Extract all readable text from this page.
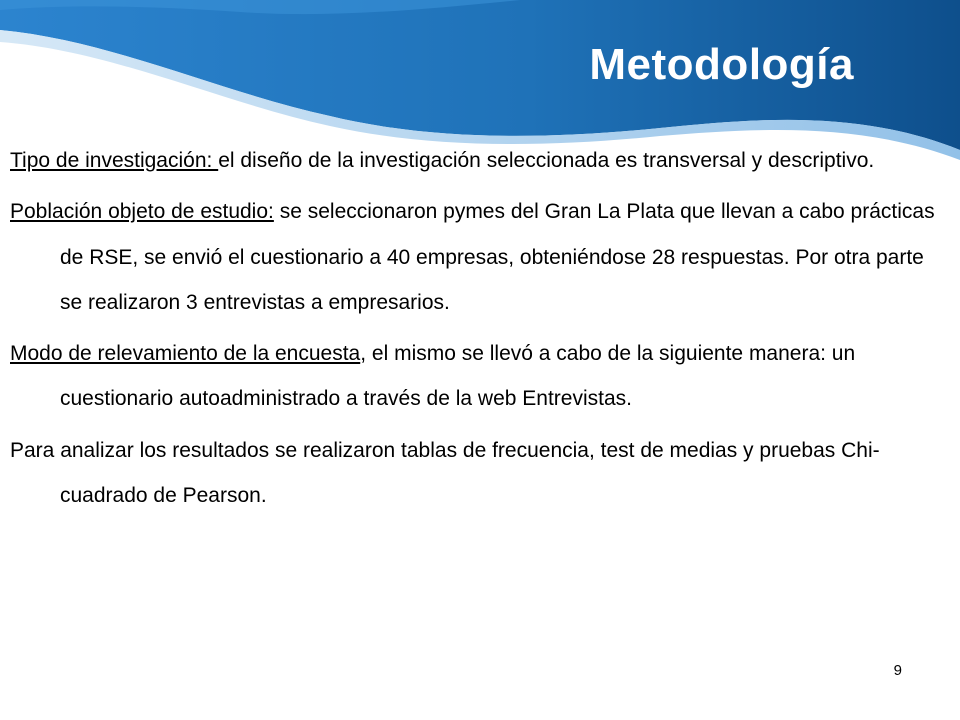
Metodología

Tipo de investigación: el diseño de la investigación seleccionada es transversal y descriptivo.

Población objeto de estudio: se seleccionaron pymes del Gran La Plata que llevan a cabo prácticas de RSE, se envió el cuestionario a 40 empresas, obteniéndose 28 respuestas. Por otra parte se realizaron 3 entrevistas a empresarios.

Modo de relevamiento de la encuesta, el mismo se llevó a cabo de la siguiente manera: un cuestionario autoadministrado a través de la web Entrevistas.

Para analizar los resultados se realizaron tablas de frecuencia, test de medias y pruebas Chi-cuadrado de Pearson.

9
